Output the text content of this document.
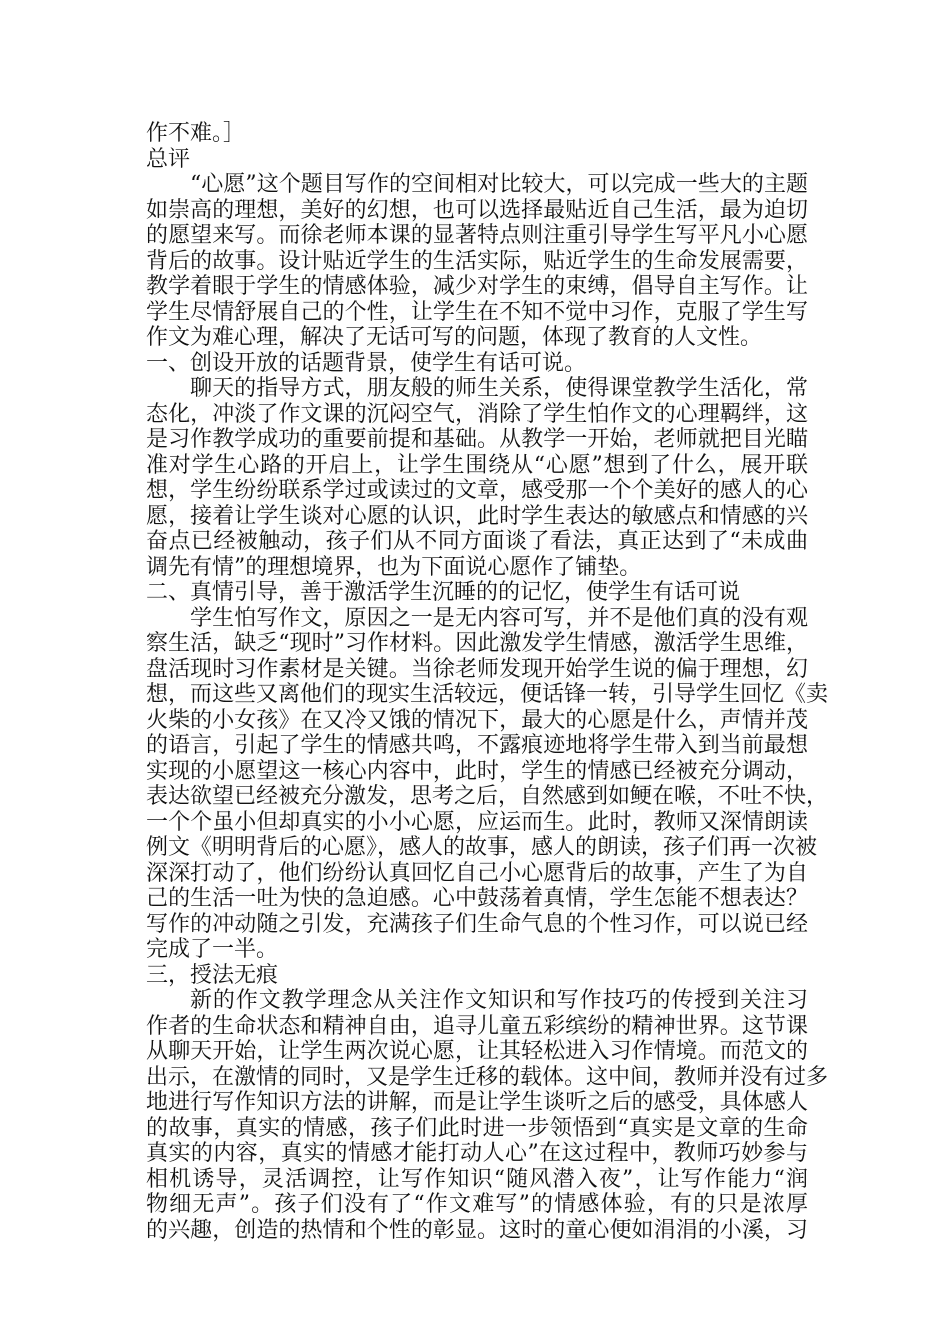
作不难。］
总评
“心愿”这个题目写作的空间相对比较大，可以完成一些大的主题
如崇高的理想，美好的幻想，也可以选择最贴近自己生活，最为迫切
的愿望来写。而徐老师本课的显著特点则注重引导学生写平凡小心愿
背后的故事。设计贴近学生的生活实际，贴近学生的生命发展需要，
教学着眼于学生的情感体验，减少对学生的束缚，倡导自主写作。让
学生尽情舒展自己的个性，让学生在不知不觉中习作，克服了学生写
作文为难心理，解决了无话可写的问题，体现了教育的人文性。
一、创设开放的话题背景，使学生有话可说。
聊天的指导方式，朋友般的师生关系，使得课堂教学生活化，常
态化，冲淡了作文课的沉闷空气，消除了学生怕作文的心理羁绊，这
是习作教学成功的重要前提和基础。从教学一开始，老师就把目光瞄
准对学生心路的开启上，让学生围绕从“心愿”想到了什么，展开联
想，学生纷纷联系学过或读过的文章，感受那一个个美好的感人的心
愿，接着让学生谈对心愿的认识，此时学生表达的敏感点和情感的兴
奋点已经被触动，孩子们从不同方面谈了看法，真正达到了“未成曲
调先有情”的理想境界，也为下面说心愿作了铺垫。
二、真情引导，善于激活学生沉睡的的记忆，使学生有话可说
学生怕写作文，原因之一是无内容可写，并不是他们真的没有观
察生活，缺乏“现时”习作材料。因此激发学生情感，激活学生思维，
盘活现时习作素材是关键。当徐老师发现开始学生说的偏于理想，幻
想，而这些又离他们的现实生活较远，便话锋一转，引导学生回忆《卖
火柴的小女孩》在又冷又饿的情况下，最大的心愿是什么，声情并茂
的语言，引起了学生的情感共鸣，不露痕迹地将学生带入到当前最想
实现的小愿望这一核心内容中，此时，学生的情感已经被充分调动，
表达欲望已经被充分激发，思考之后，自然感到如鲠在喉，不吐不快，
一个个虽小但却真实的小小心愿，应运而生。此时，教师又深情朗读
例文《明明背后的心愿》，感人的故事，感人的朗读，孩子们再一次被
深深打动了，他们纷纷认真回忆自己小心愿背后的故事，产生了为自
己的生活一吐为快的急迫感。心中鼓荡着真情，学生怎能不想表达？
写作的冲动随之引发，充满孩子们生命气息的个性习作，可以说已经
完成了一半。
三，授法无痕
新的作文教学理念从关注作文知识和写作技巧的传授到关注习
作者的生命状态和精神自由，追寻儿童五彩缤纷的精神世界。这节课
从聊天开始，让学生两次说心愿，让其轻松进入习作情境。而范文的
出示，在激情的同时，又是学生迁移的载体。这中间，教师并没有过多
地进行写作知识方法的讲解，而是让学生谈听之后的感受，具体感人
的故事，真实的情感，孩子们此时进一步领悟到“真实是文章的生命
真实的内容，真实的情感才能打动人心”在这过程中，教师巧妙参与
相机诱导，灵活调控，让写作知识“随风潜入夜”，让写作能力“润
物细无声”。孩子们没有了“作文难写”的情感体验，有的只是浓厚
的兴趣，创造的热情和个性的彰显。这时的童心便如涓涓的小溪，习
